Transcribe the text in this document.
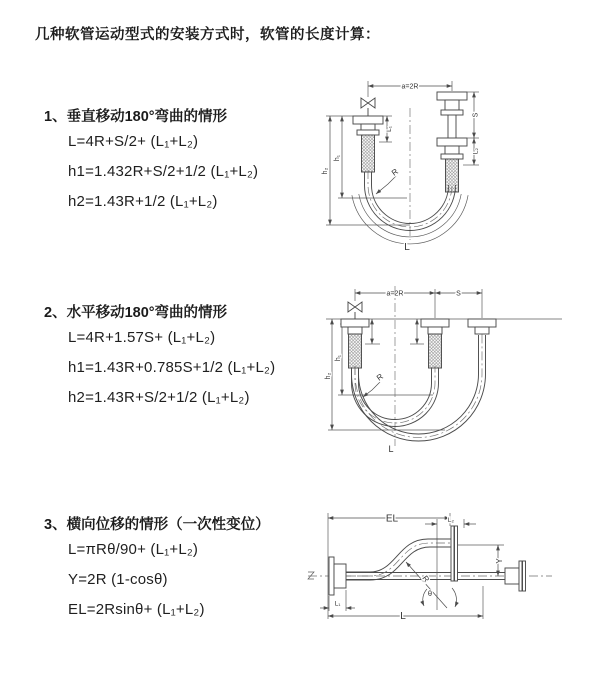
几种软管运动型式的安装方式时，软管的长度计算：
1、垂直移动180°弯曲的情形
L=4R+S/2+ (L₁+L₂)
h1=1.432R+S/2+1/2 (L₁+L₂)
h2=1.43R+1/2 (L₁+L₂)
2、水平移动180°弯曲的情形
L=4R+1.57S+ (L₁+L₂)
h1=1.43R+0.785S+1/2 (L₁+L₂)
h2=1.43R+S/2+1/2 (L₁+L₂)
3、横向位移的情形（一次性变位）
L=πRθ/90+ (L₁+L₂)
Y=2R (1-cosθ)
EL=2Rsinθ+ (L₁+L₂)
a=2R
h₁
h₂
L₁
S
L₂
R
L
a=2R	S
h₁
h₂	R
L
EL	L₂
R
θ
Y
L
L₁
